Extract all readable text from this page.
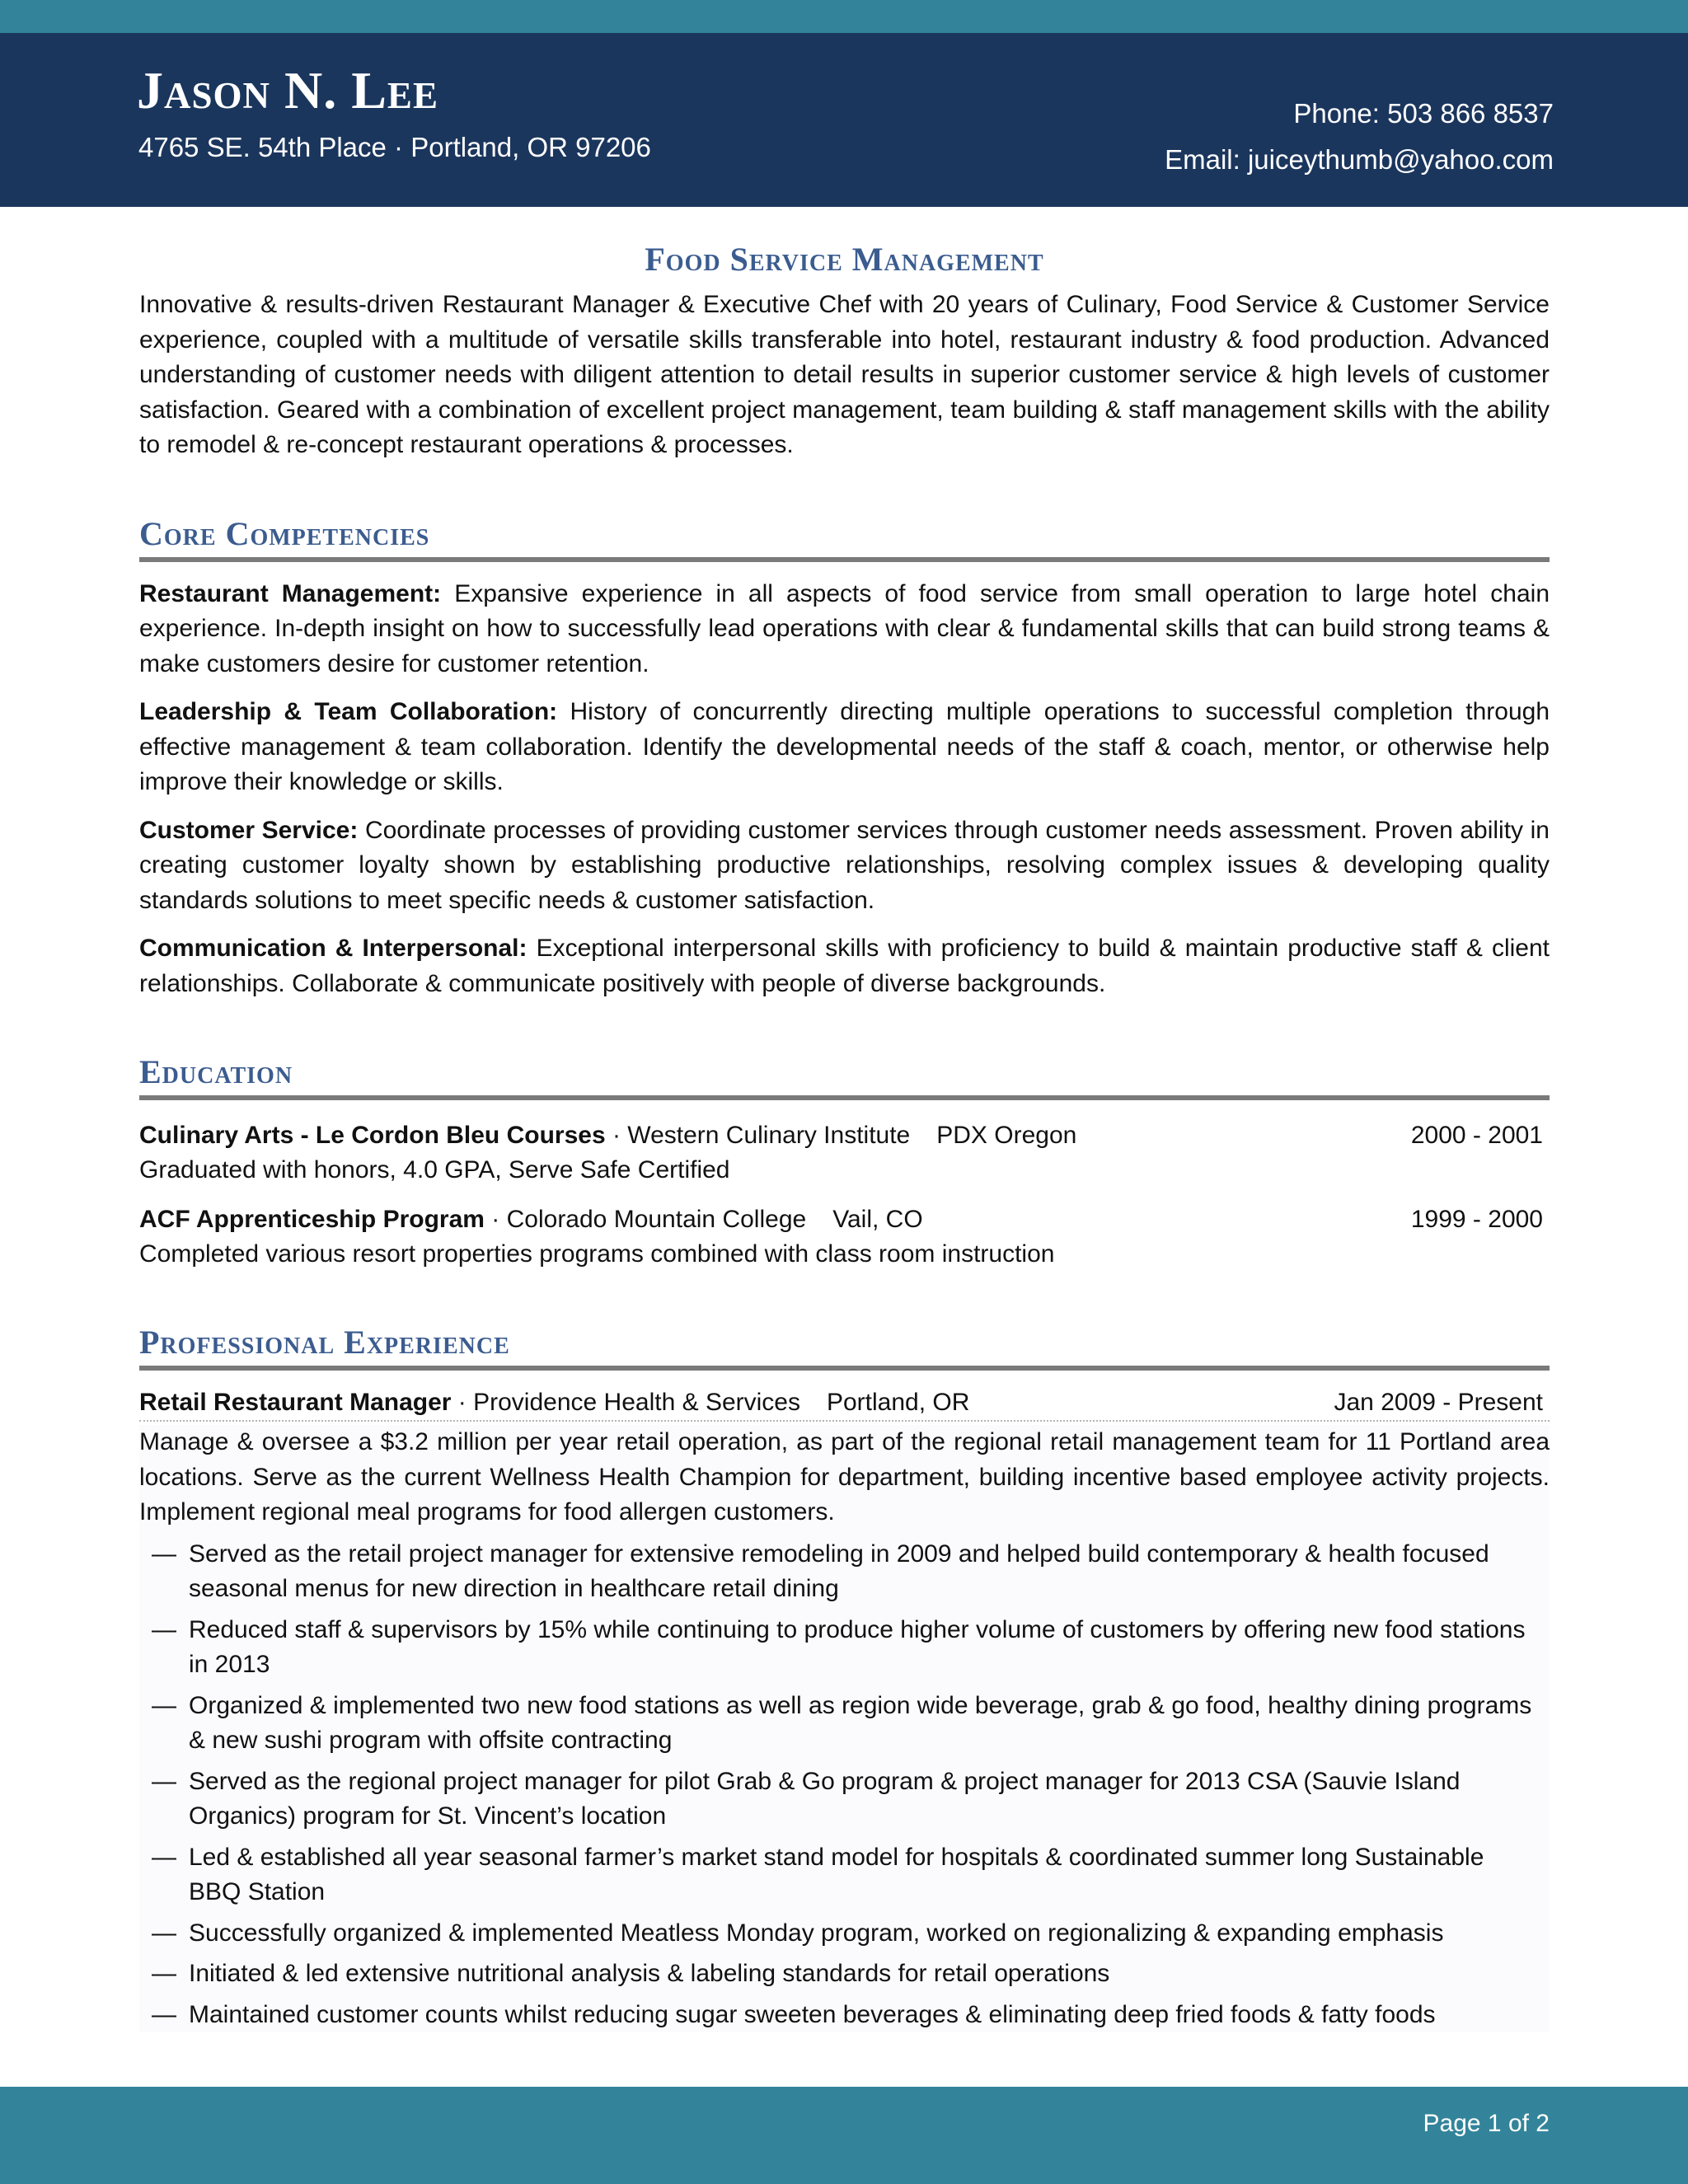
Jason N. Lee
4765 SE. 54th Place · Portland, OR 97206
Phone: 503 866 8537
Email: juiceythumb@yahoo.com
Food Service Management

Innovative & results-driven Restaurant Manager & Executive Chef with 20 years of Culinary, Food Service & Customer Service experience, coupled with a multitude of versatile skills transferable into hotel, restaurant industry & food production. Advanced understanding of customer needs with diligent attention to detail results in superior customer service & high levels of customer satisfaction. Geared with a combination of excellent project management, team building & staff management skills with the ability to remodel & re-concept restaurant operations & processes.

Core Competencies

Restaurant Management: Expansive experience in all aspects of food service from small operation to large hotel chain experience. In-depth insight on how to successfully lead operations with clear & fundamental skills that can build strong teams & make customers desire for customer retention.

Leadership & Team Collaboration: History of concurrently directing multiple operations to successful completion through effective management & team collaboration. Identify the developmental needs of the staff & coach, mentor, or otherwise help improve their knowledge or skills.

Customer Service: Coordinate processes of providing customer services through customer needs assessment. Proven ability in creating customer loyalty shown by establishing productive relationships, resolving complex issues & developing quality standards solutions to meet specific needs & customer satisfaction.

Communication & Interpersonal: Exceptional interpersonal skills with proficiency to build & maintain productive staff & client relationships. Collaborate & communicate positively with people of diverse backgrounds.

Education
Culinary Arts - Le Cordon Bleu Courses · Western Culinary Institute PDX Oregon	2000 - 2001
Graduated with honors, 4.0 GPA, Serve Safe Certified
ACF Apprenticeship Program · Colorado Mountain College Vail, CO	1999 - 2000
Completed various resort properties programs combined with class room instruction
Professional Experience
Retail Restaurant Manager · Providence Health & Services Portland, OR	Jan 2009 - Present

Manage & oversee a $3.2 million per year retail operation, as part of the regional retail management team for 11 Portland area locations. Serve as the current Wellness Health Champion for department, building incentive based employee activity projects. Implement regional meal programs for food allergen customers.

— Served as the retail project manager for extensive remodeling in 2009 and helped build contemporary & health focused seasonal menus for new direction in healthcare retail dining
— Reduced staff & supervisors by 15% while continuing to produce higher volume of customers by offering new food stations in 2013
— Organized & implemented two new food stations as well as region wide beverage, grab & go food, healthy dining programs & new sushi program with offsite contracting
— Served as the regional project manager for pilot Grab & Go program & project manager for 2013 CSA (Sauvie Island Organics) program for St. Vincent’s location
— Led & established all year seasonal farmer’s market stand model for hospitals & coordinated summer long Sustainable BBQ Station
— Successfully organized & implemented Meatless Monday program, worked on regionalizing & expanding emphasis
— Initiated & led extensive nutritional analysis & labeling standards for retail operations
— Maintained customer counts whilst reducing sugar sweeten beverages & eliminating deep fried foods & fatty foods
Page 1 of 2
